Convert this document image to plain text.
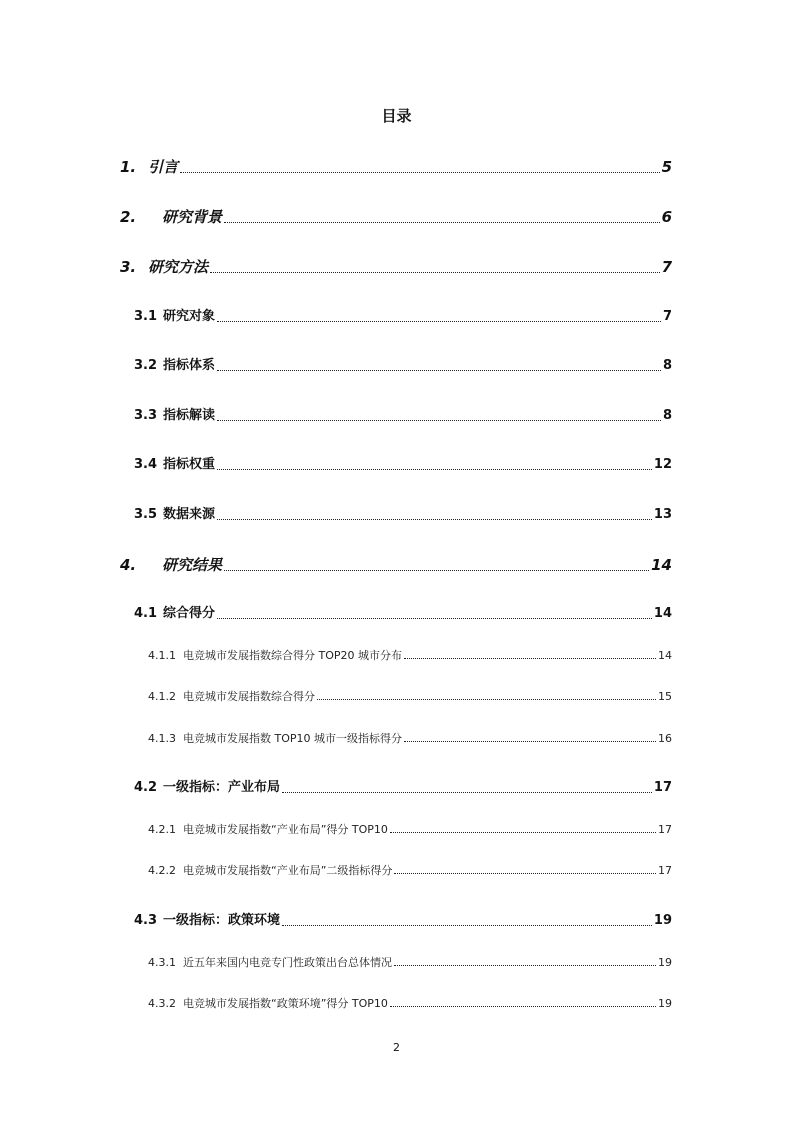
目录
1. 引言	5
2.	研究背景	6
3. 研究方法	7
3.1 研究对象	7
3.2 指标体系	8
3.3 指标解读	8
3.4 指标权重	12
3.5 数据来源	13
4.	研究结果	14
4.1 综合得分	14
4.1.1 电竞城市发展指数综合得分 TOP20 城市分布	14
4.1.2 电竞城市发展指数综合得分	15
4.1.3 电竞城市发展指数 TOP10 城市一级指标得分	16
4.2 一级指标：产业布局	17
4.2.1 电竞城市发展指数“产业布局”得分 TOP10	17
4.2.2 电竞城市发展指数“产业布局”二级指标得分	17
4.3 一级指标：政策环境	19
4.3.1 近五年来国内电竞专门性政策出台总体情况	19
4.3.2 电竞城市发展指数“政策环境”得分 TOP10	19
2
